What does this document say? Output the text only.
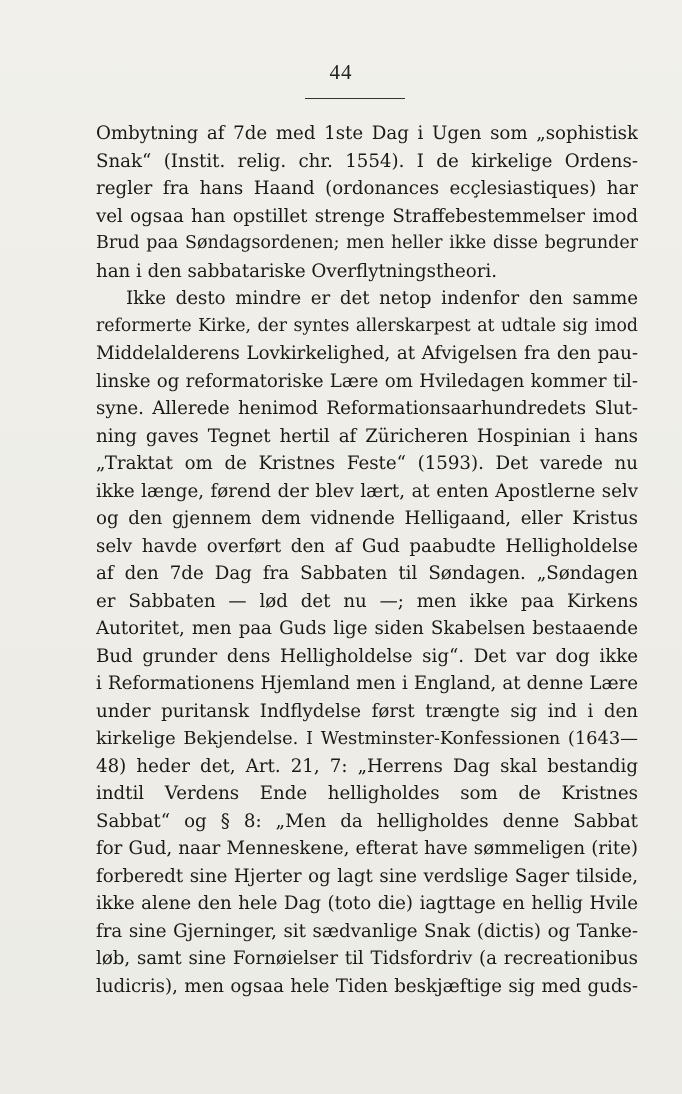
44
Ombytning af 7de med 1ste Dag i Ugen som „sophistisk
Snak“ (Instit. relig. chr. 1554). I de kirkelige Ordens-
regler fra hans Haand (ordonances ecçlesiastiques) har
vel ogsaa han opstillet strenge Straffebestemmelser imod
Brud paa Søndagsordenen; men heller ikke disse begrunder
han i den sabbatariske Overflytningstheori.
Ikke desto mindre er det netop indenfor den samme
reformerte Kirke, der syntes allerskarpest at udtale sig imod
Middelalderens Lovkirkelighed, at Afvigelsen fra den pau-
linske og reformatoriske Lære om Hviledagen kommer til-
syne. Allerede henimod Reformationsaarhundredets Slut-
ning gaves Tegnet hertil af Züricheren Hospinian i hans
„Traktat om de Kristnes Feste“ (1593). Det varede nu
ikke længe, førend der blev lært, at enten Apostlerne selv
og den gjennem dem vidnende Helligaand, eller Kristus
selv havde overført den af Gud paabudte Helligholdelse
af den 7de Dag fra Sabbaten til Søndagen. „Søndagen
er Sabbaten — lød det nu —; men ikke paa Kirkens
Autoritet, men paa Guds lige siden Skabelsen bestaaende
Bud grunder dens Helligholdelse sig“. Det var dog ikke
i Reformationens Hjemland men i England, at denne Lære
under puritansk Indflydelse først trængte sig ind i den
kirkelige Bekjendelse. I Westminster-Konfessionen (1643—
48) heder det, Art. 21, 7: „Herrens Dag skal bestandig
indtil Verdens Ende helligholdes som de Kristnes
Sabbat“ og § 8: „Men da helligholdes denne Sabbat
for Gud, naar Menneskene, efterat have sømmeligen (rite)
forberedt sine Hjerter og lagt sine verdslige Sager tilside,
ikke alene den hele Dag (toto die) iagttage en hellig Hvile
fra sine Gjerninger, sit sædvanlige Snak (dictis) og Tanke-
løb, samt sine Fornøielser til Tidsfordriv (a recreationibus
ludicris), men ogsaa hele Tiden beskjæftige sig med guds-
